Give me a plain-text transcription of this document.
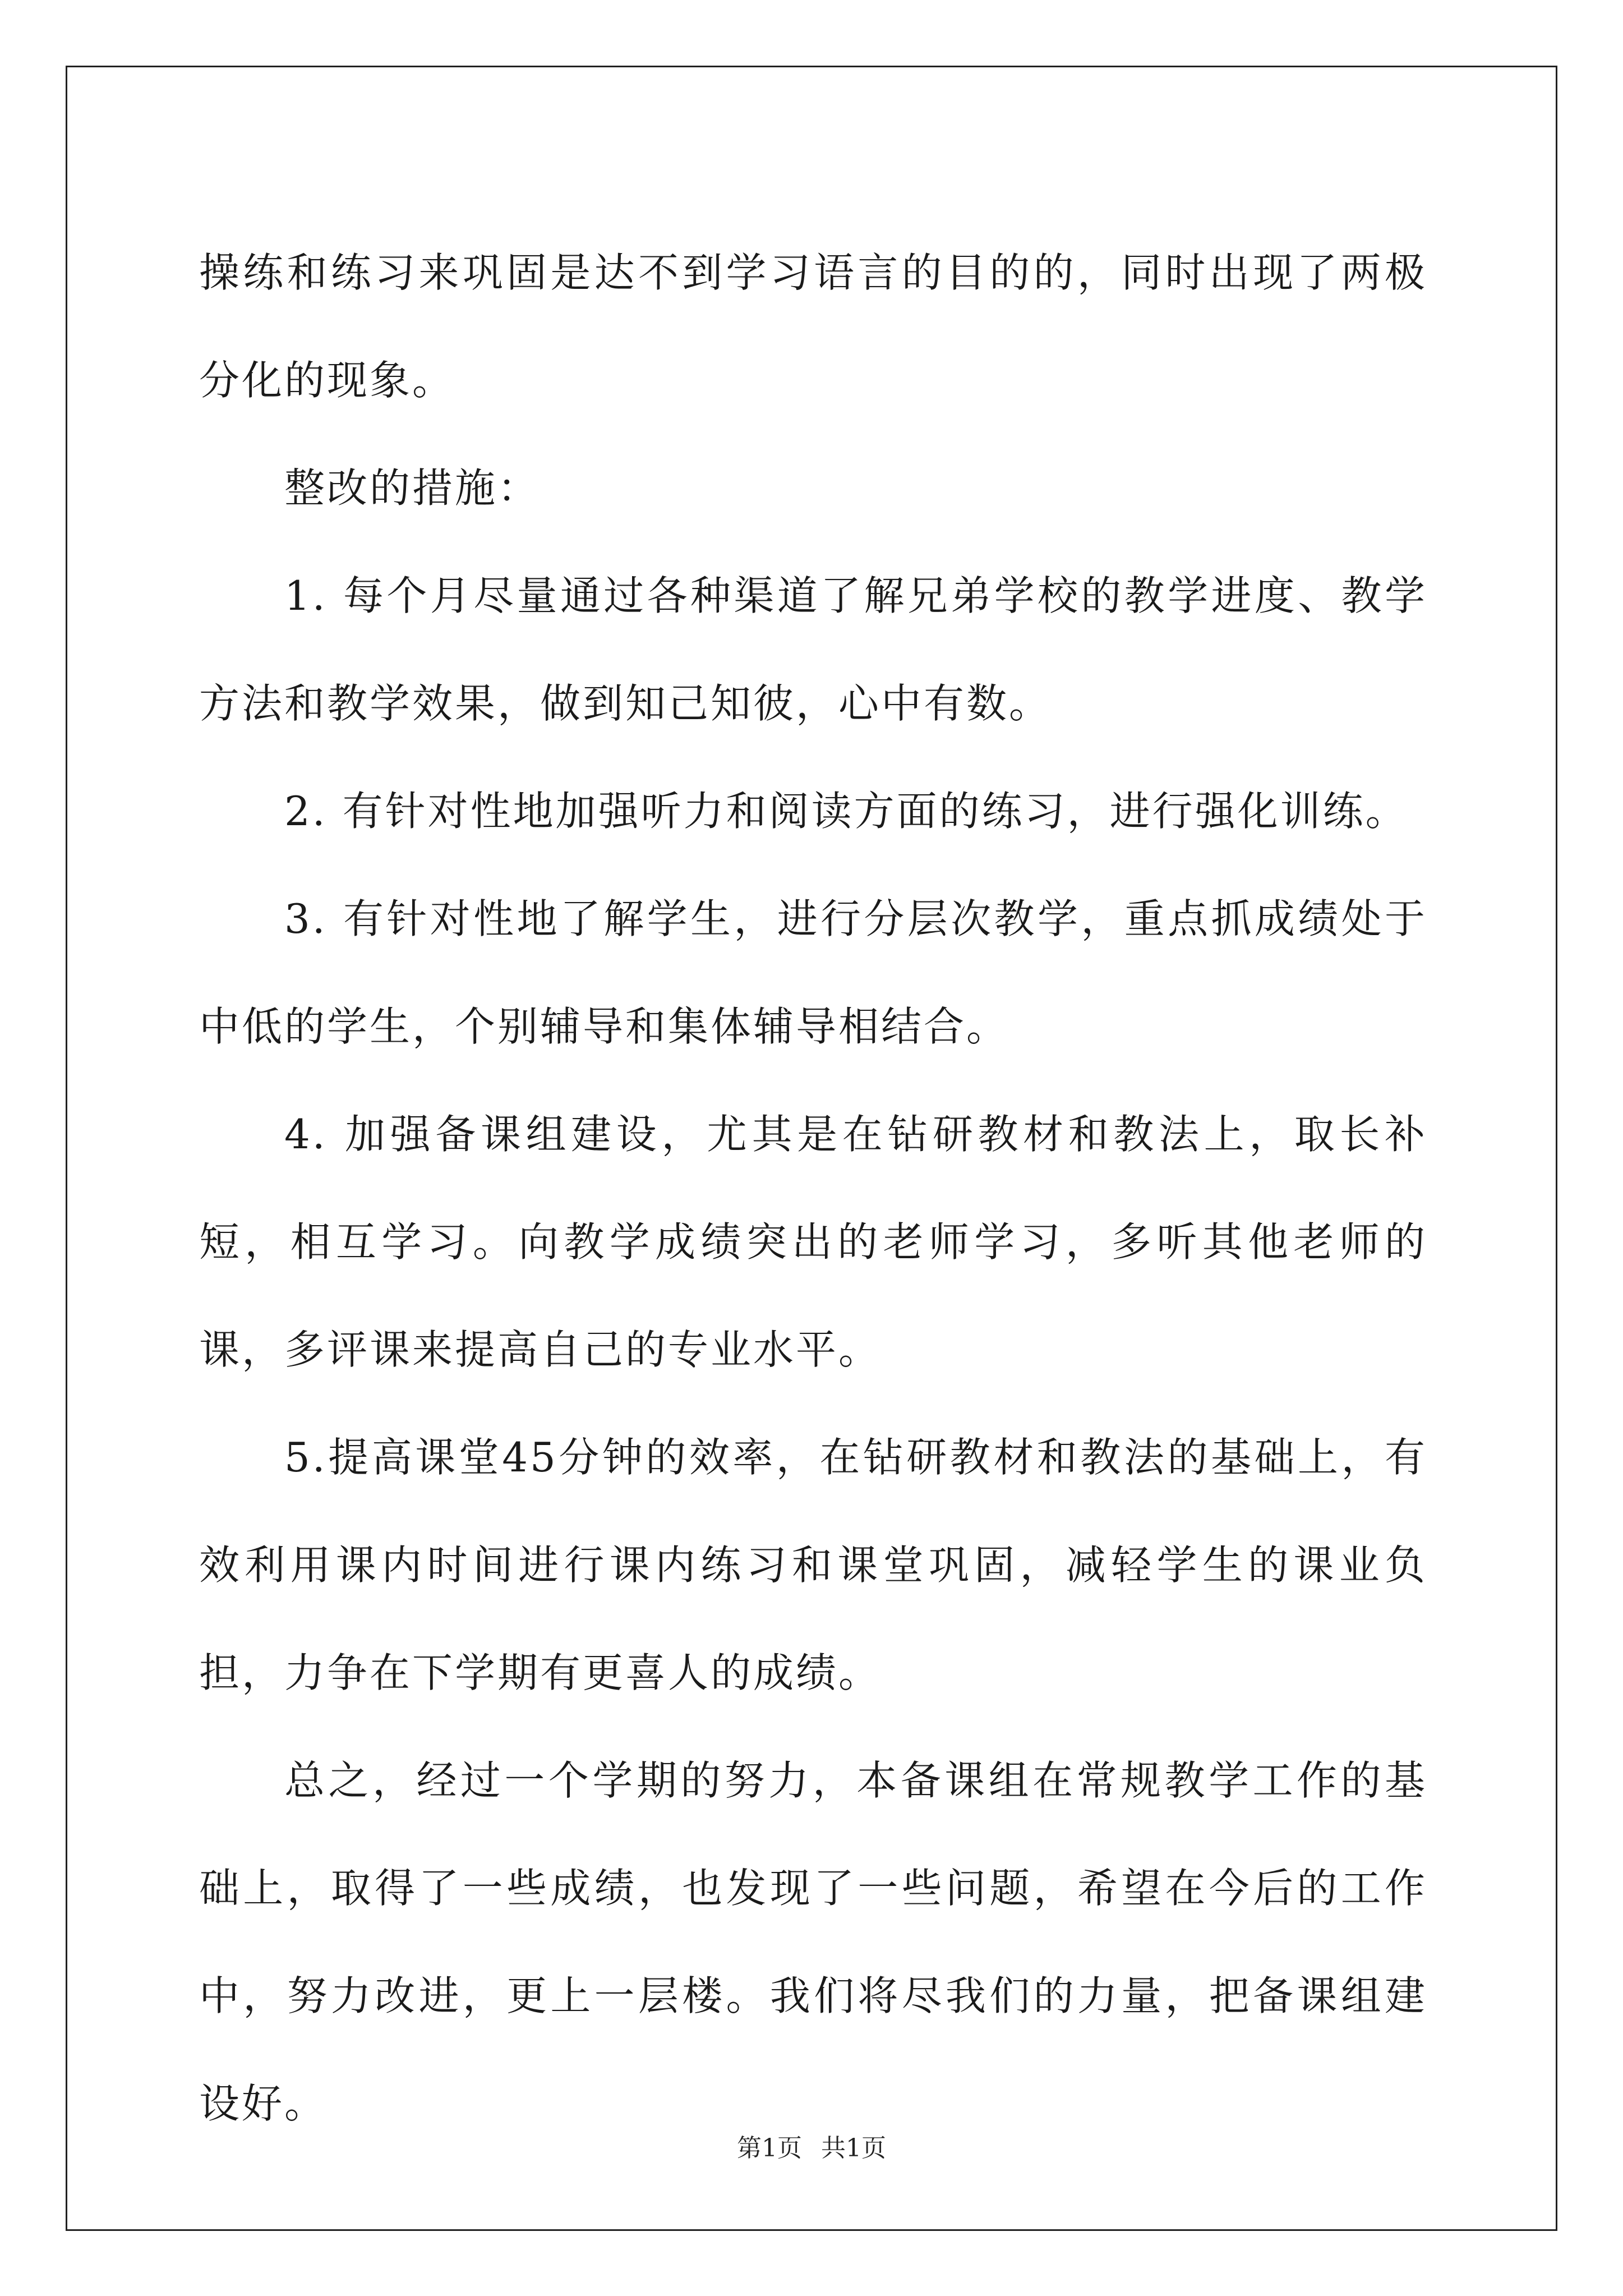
操练和练习来巩固是达不到学习语言的目的的，同时出现了两极分化的现象。

整改的措施：

1. 每个月尽量通过各种渠道了解兄弟学校的教学进度、教学方法和教学效果，做到知己知彼，心中有数。

2. 有针对性地加强听力和阅读方面的练习，进行强化训练。

3. 有针对性地了解学生，进行分层次教学，重点抓成绩处于中低的学生，个别辅导和集体辅导相结合。

4. 加强备课组建设，尤其是在钻研教材和教法上，取长补短，相互学习。向教学成绩突出的老师学习，多听其他老师的课，多评课来提高自己的专业水平。

5.提高课堂45分钟的效率，在钻研教材和教法的基础上，有效利用课内时间进行课内练习和课堂巩固，减轻学生的课业负担，力争在下学期有更喜人的成绩。

总之，经过一个学期的努力，本备课组在常规教学工作的基础上，取得了一些成绩，也发现了一些问题，希望在今后的工作中，努力改进，更上一层楼。我们将尽我们的力量，把备课组建设好。

第1页 共1页
